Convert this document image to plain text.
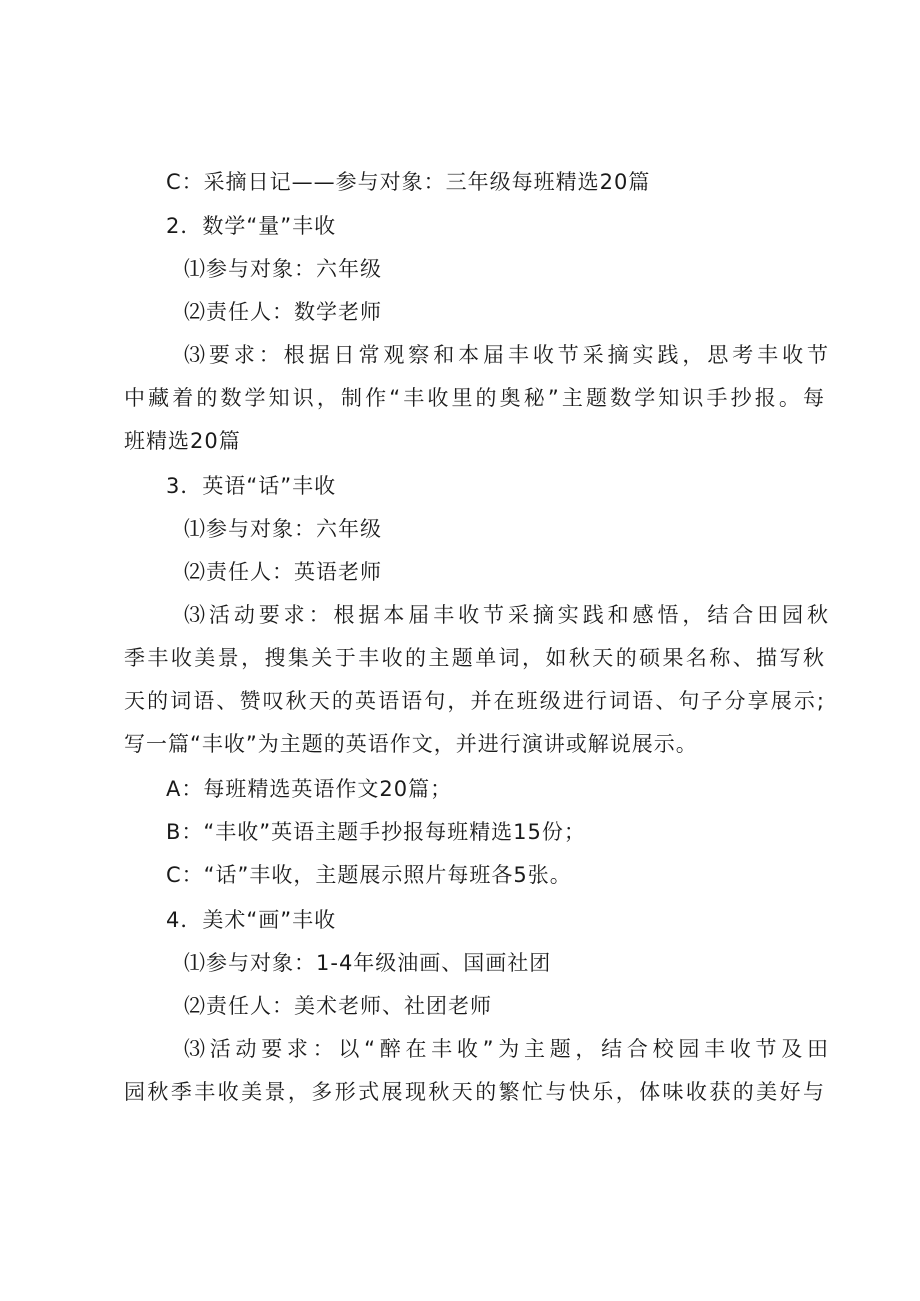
C：采摘日记——参与对象：三年级每班精选20篇
2．数学“量”丰收
⑴参与对象：六年级
⑵责任人：数学老师
⑶要求：根据日常观察和本届丰收节采摘实践，思考丰收节
中藏着的数学知识，制作“丰收里的奥秘”主题数学知识手抄报。每
班精选20篇
3．英语“话”丰收
⑴参与对象：六年级
⑵责任人：英语老师
⑶活动要求：根据本届丰收节采摘实践和感悟，结合田园秋
季丰收美景，搜集关于丰收的主题单词，如秋天的硕果名称、描写秋
天的词语、赞叹秋天的英语语句，并在班级进行词语、句子分享展示;
写一篇“丰收”为主题的英语作文，并进行演讲或解说展示。
A：每班精选英语作文20篇；
B：“丰收”英语主题手抄报每班精选15份；
C：“话”丰收，主题展示照片每班各5张。
4．美术“画”丰收
⑴参与对象：1-4年级油画、国画社团
⑵责任人：美术老师、社团老师
⑶活动要求：以“醉在丰收”为主题，结合校园丰收节及田
园秋季丰收美景，多形式展现秋天的繁忙与快乐，体味收获的美好与
